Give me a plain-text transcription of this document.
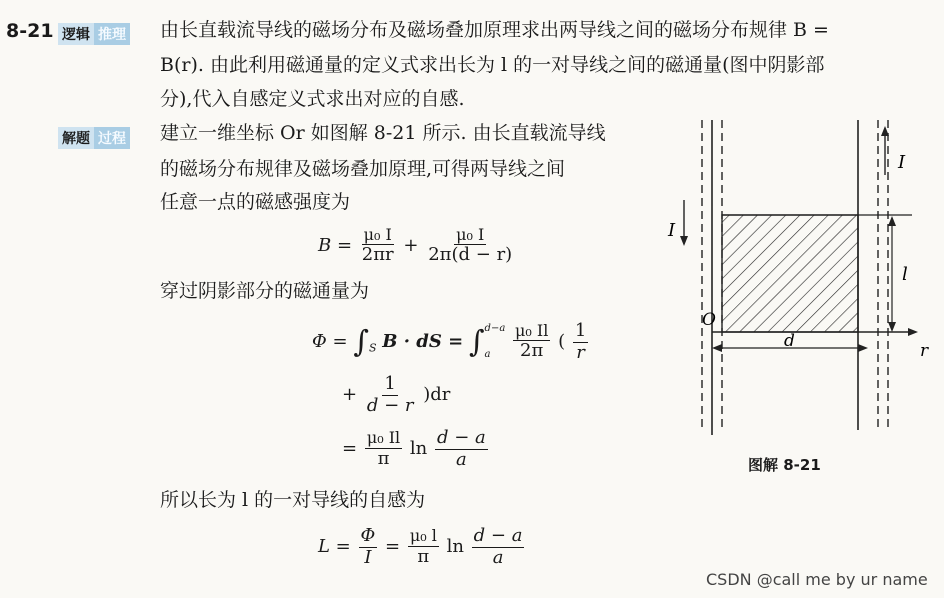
8-21 逻辑 推理 由长直载流导线的磁场分布及磁场叠加原理求出两导线之间的磁场分布规律 B =
B(r). 由此利用磁通量的定义式求出长为 l 的一对导线之间的磁通量(图中阴影部
分),代入自感定义式求出对应的自感.
解题 过程 建立一维坐标 Or 如图解 8-21 所示. 由长直载流导线
的磁场分布规律及磁场叠加原理,可得两导线之间
任意一点的磁感强度为
$B = \frac{\text{μ₀ I}}{2\pi r} + \frac{\text{μ₀ I}}{2\pi(d - r)}$
穿过阴影部分的磁通量为
$\Phi = \int_S$ B · dS = ∫ d−a
a
	$\frac{\text{μ₀ Il}}{2\pi}$ ( $\frac{1}{r}$
+ $\frac{1}{d - r} )dr$
= $\frac{\text{μ₀ Il}}{\pi}$ $\ln \frac{d - a}{a}$
所以长为 l 的一对导线的自感为
$L = \frac{\Phi}{I} = \frac{\text{μ₀ l}}{\pi}$ $\ln \frac{d - a}{a}$
I
I
l
O
d	r
图解 8-21
CSDN @call me by ur name
